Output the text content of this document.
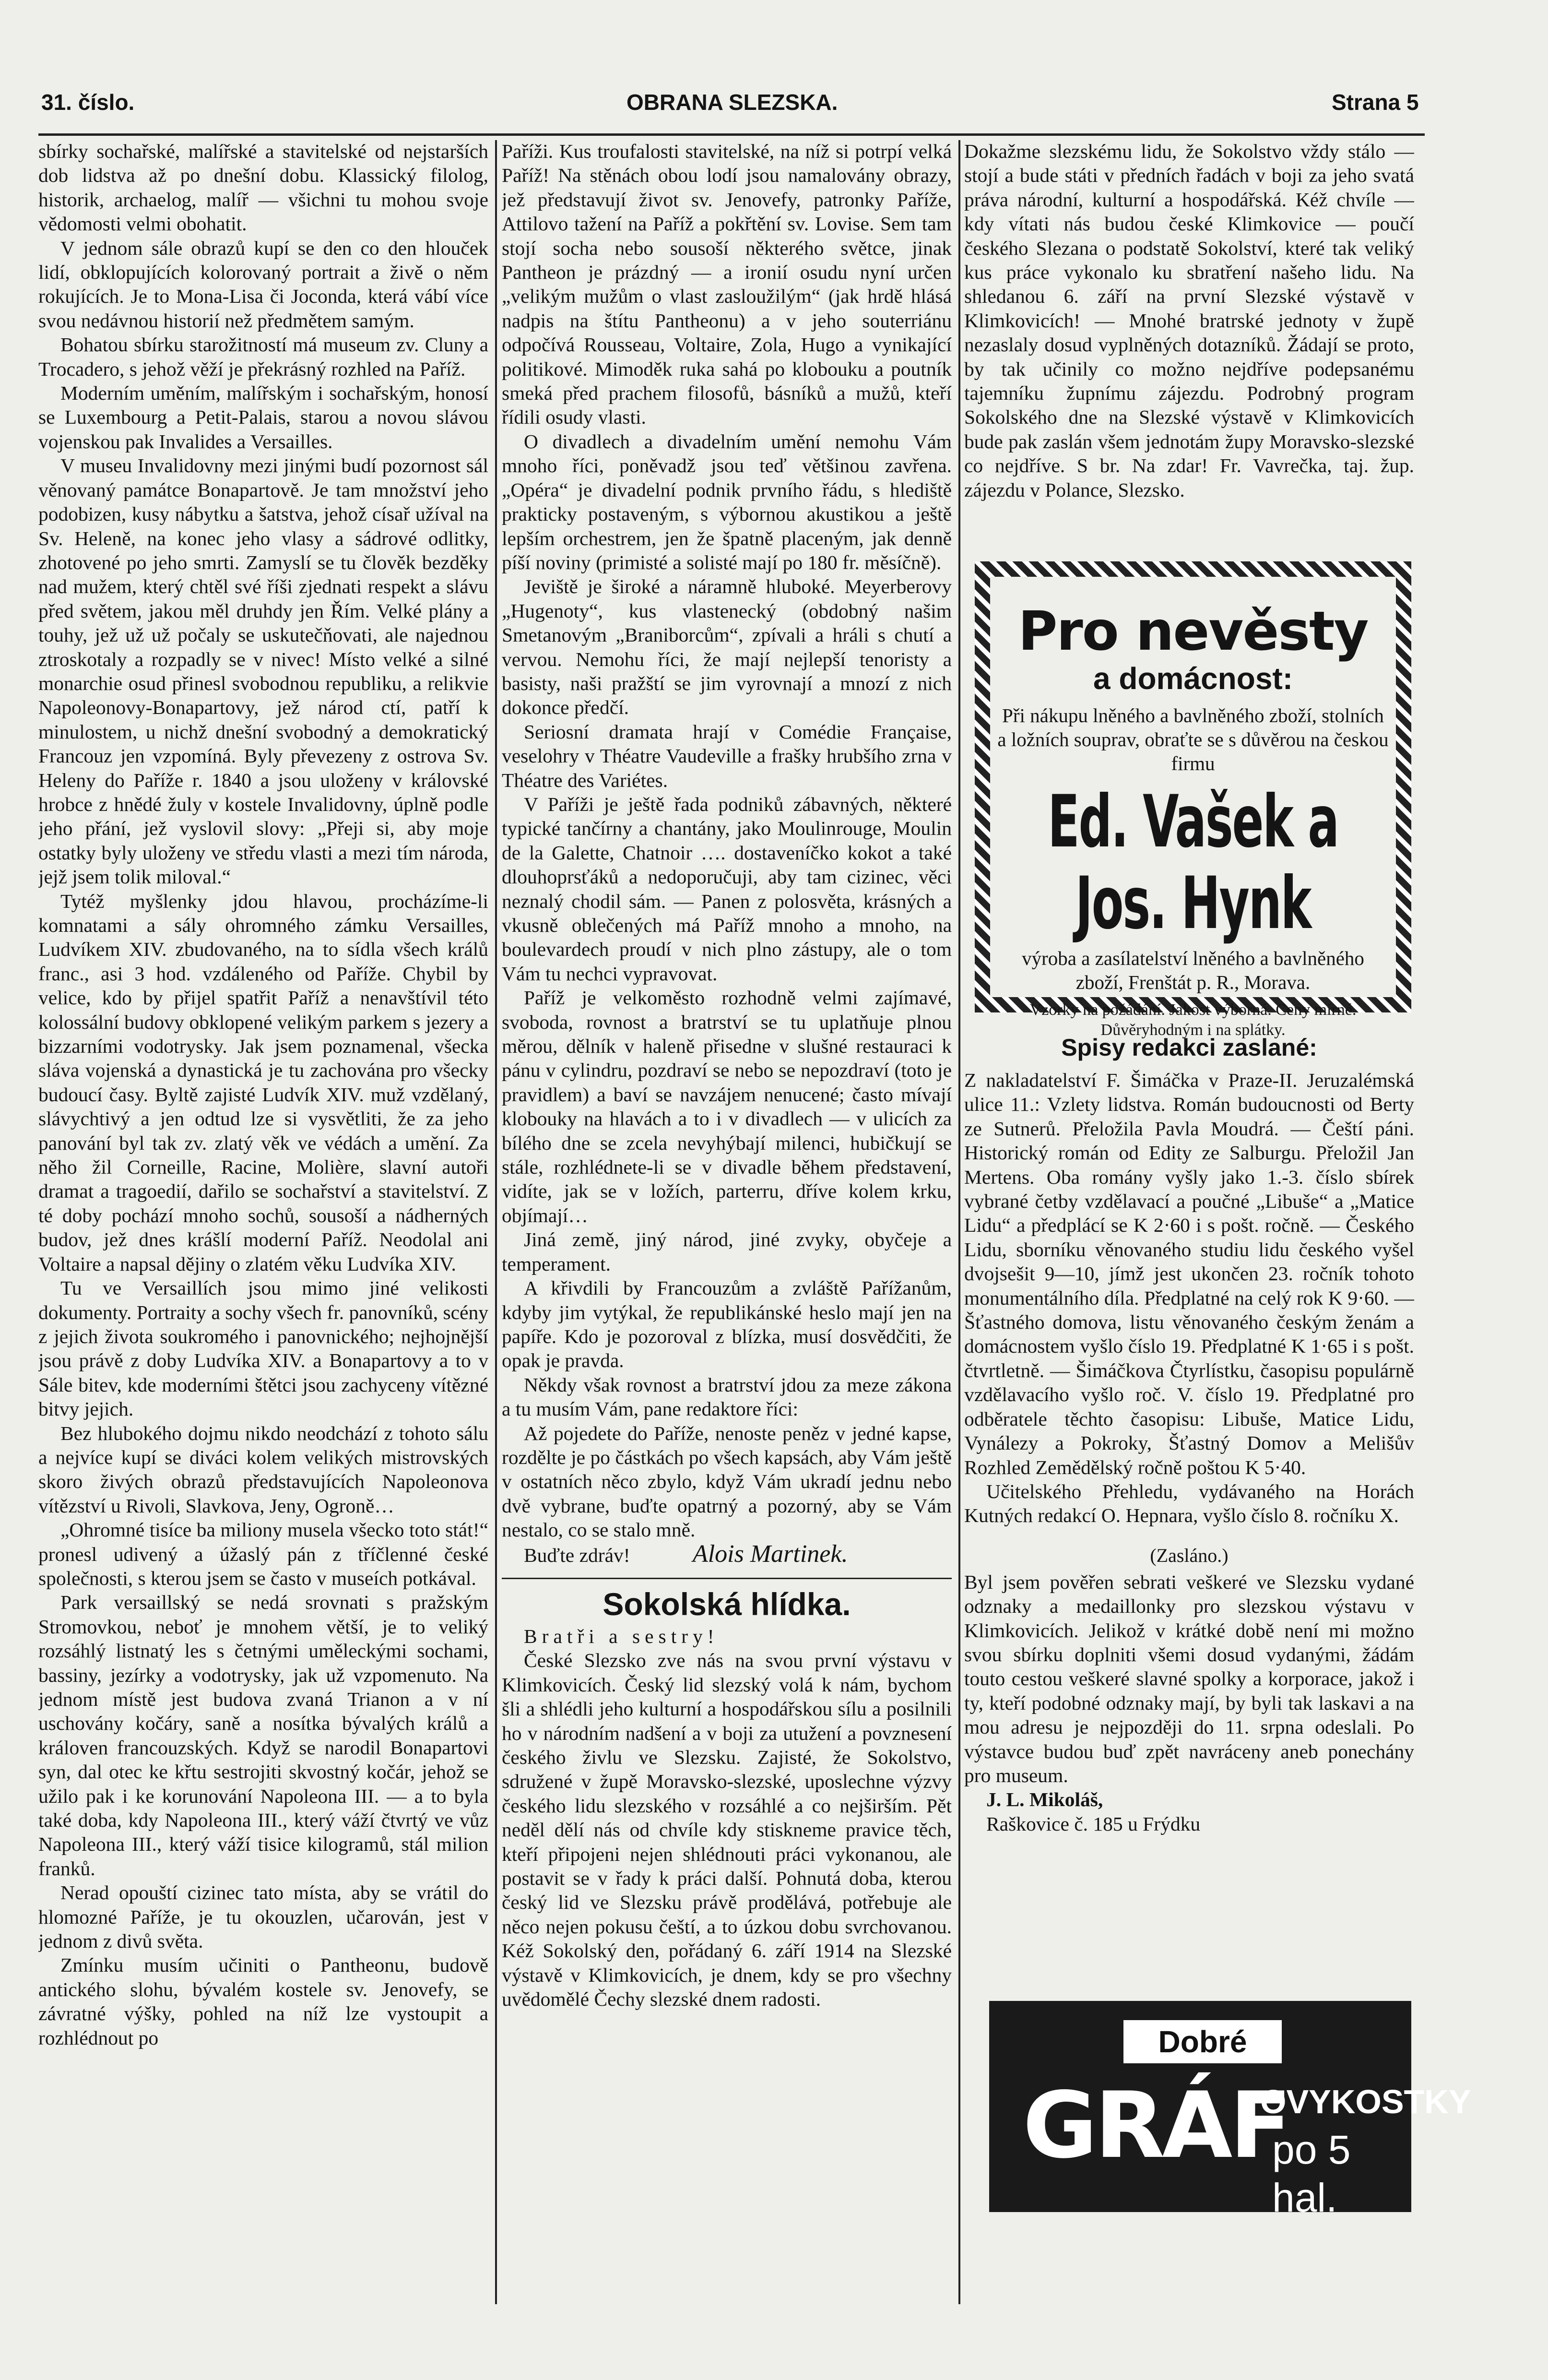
31. číslo.	OBRANA SLEZSKA.	Strana 5

sbírky sochařské, malířské a stavitelské od nejstarších dob lidstva až po dnešní dobu. Klassický filolog, historik, archaelog, malíř — všichni tu mohou svoje vědomosti velmi obohatit.

V jednom sále obrazů kupí se den co den hlouček lidí, obklopujících kolorovaný portrait a živě o něm rokujících. Je to Mona-Lisa či Joconda, která vábí více svou nedávnou historií než předmětem samým.

Bohatou sbírku starožitností má museum zv. Cluny a Trocadero, s jehož věží je překrásný rozhled na Paříž.

Moderním uměním, malířským i sochařským, honosí se Luxembourg a Petit-Palais, starou a novou slávou vojenskou pak Invalides a Versailles.

V museu Invalidovny mezi jinými budí pozornost sál věnovaný památce Bonapartově. Je tam množství jeho podobizen, kusy nábytku a šatstva, jehož císař užíval na Sv. Heleně, na konec jeho vlasy a sádrové odlitky, zhotovené po jeho smrti. Zamyslí se tu člověk bezděky nad mužem, který chtěl své říši zjednati respekt a slávu před světem, jakou měl druhdy jen Řím. Velké plány a touhy, jež už už počaly se uskutečňovati, ale najednou ztroskotaly a rozpadly se v nivec! Místo velké a silné monarchie osud přinesl svobodnou republiku, a relikvie Napoleonovy-Bonapartovy, jež národ ctí, patří k minulostem, u nichž dnešní svobodný a demokratický Francouz jen vzpomíná. Byly převezeny z ostrova Sv. Heleny do Paříže r. 1840 a jsou uloženy v královské hrobce z hnědé žuly v kostele Invalidovny, úplně podle jeho přání, jež vyslovil slovy: „Přeji si, aby moje ostatky byly uloženy ve středu vlasti a mezi tím národa, jejž jsem tolik miloval.“

Tytéž myšlenky jdou hlavou, procházíme-li komnatami a sály ohromného zámku Versailles, Ludvíkem XIV. zbudovaného, na to sídla všech králů franc., asi 3 hod. vzdáleného od Paříže. Chybil by velice, kdo by přijel spatřit Paříž a nenavštívil této kolossální budovy obklopené velikým parkem s jezery a bizzarními vodotrysky. Jak jsem poznamenal, všecka sláva vojenská a dynastická je tu zachována pro všecky budoucí časy. Byltě zajisté Ludvík XIV. muž vzdělaný, slávychtivý a jen odtud lze si vysvětliti, že za jeho panování byl tak zv. zlatý věk ve védách a umění. Za něho žil Corneille, Racine, Molière, slavní autoři dramat a tragoedií, dařilo se sochařství a stavitelství. Z té doby pochází mnoho sochů, sousoší a nádherných budov, jež dnes krášlí moderní Paříž. Neodolal ani Voltaire a napsal dějiny o zlatém věku Ludvíka XIV.

Tu ve Versaillích jsou mimo jiné velikosti dokumenty. Portraity a sochy všech fr. panovníků, scény z jejich života soukromého i panovnického; nejhojnější jsou právě z doby Ludvíka XIV. a Bonapartovy a to v Sále bitev, kde moderními štětci jsou zachyceny vítězné bitvy jejich.

Bez hlubokého dojmu nikdo neodchází z tohoto sálu a nejvíce kupí se diváci kolem velikých mistrovských skoro živých obrazů představujících Napoleonova vítězství u Rivoli, Slavkova, Jeny, Ogroně…

„Ohromné tisíce ba miliony musela všecko toto stát!“ pronesl udivený a úžaslý pán z tříčlenné české společnosti, s kterou jsem se často v museích potkával.

Park versaillský se nedá srovnati s pražským Stromovkou, neboť je mnohem větší, je to veliký rozsáhlý listnatý les s četnými uměleckými sochami, bassiny, jezírky a vodotrysky, jak už vzpomenuto. Na jednom místě jest budova zvaná Trianon a v ní uschovány kočáry, saně a nosítka bývalých králů a královen francouzských. Když se narodil Bonapartovi syn, dal otec ke křtu sestrojiti skvostný kočár, jehož se užilo pak i ke korunování Napoleona III. — a to byla také doba, kdy Napoleona III., který váží čtvrtý ve vůz Napoleona III., který váží tisice kilogramů, stál milion franků.

Nerad opouští cizinec tato místa, aby se vrátil do hlomozné Paříže, je tu okouzlen, učarován, jest v jednom z divů světa.

Zmínku musím učiniti o Pantheonu, budově antického slohu, bývalém kostele sv. Jenovefy, se závratné výšky, pohled na níž lze vystoupit a rozhlédnout po

Paříži. Kus troufalosti stavitelské, na níž si potrpí velká Paříž! Na stěnách obou lodí jsou namalovány obrazy, jež představují život sv. Jenovefy, patronky Paříže, Attilovo tažení na Paříž a pokřtění sv. Lovise. Sem tam stojí socha nebo sousoší některého světce, jinak Pantheon je prázdný — a ironií osudu nyní určen „velikým mužům o vlast zasloužilým“ (jak hrdě hlásá nadpis na štítu Pantheonu) a v jeho souterriánu odpočívá Rousseau, Voltaire, Zola, Hugo a vynikající politikové. Mimoděk ruka sahá po klobouku a poutník smeká před prachem filosofů, básníků a mužů, kteří řídili osudy vlasti.

O divadlech a divadelním umění nemohu Vám mnoho říci, poněvadž jsou teď většinou zavřena. „Opéra“ je divadelní podnik prvního řádu, s hlediště prakticky postaveným, s výbornou akustikou a ještě lepším orchestrem, jen že špatně placeným, jak denně píší noviny (primisté a solisté mají po 180 fr. měsíčně).

Jeviště je široké a náramně hluboké. Meyerberovy „Hugenoty“, kus vlastenecký (obdobný našim Smetanovým „Braniborcům“, zpívali a hráli s chutí a vervou. Nemohu říci, že mají nejlepší tenoristy a basisty, naši pražští se jim vyrovnají a mnozí z nich dokonce předčí.

Seriosní dramata hrají v Comédie Française, veselohry v Théatre Vaudeville a frašky hrubšího zrna v Théatre des Variétes.

V Paříži je ještě řada podniků zábavných, některé typické tančírny a chantány, jako Moulinrouge, Moulin de la Galette, Chatnoir …. dostaveníčko kokot a také dlouhoprsťáků a nedoporučuji, aby tam cizinec, věci neznalý chodil sám. — Panen z polosvěta, krásných a vkusně oblečených má Paříž mnoho a mnoho, na boulevardech proudí v nich plno zástupy, ale o tom Vám tu nechci vypravovat.

Paříž je velkoměsto rozhodně velmi zajímavé, svoboda, rovnost a bratrství se tu uplatňuje plnou měrou, dělník v haleně přisedne v slušné restauraci k pánu v cylindru, pozdraví se nebo se nepozdraví (toto je pravidlem) a baví se navzájem nenucené; často mívají klobouky na hlavách a to i v divadlech — v ulicích za bílého dne se zcela nevyhýbají milenci, hubičkují se stále, rozhlédnete-li se v divadle během představení, vidíte, jak se v ložích, parterru, dříve kolem krku, objímají…

Jiná země, jiný národ, jiné zvyky, obyčeje a temperament.

A křivdili by Francouzům a zvláště Pařížanům, kdyby jim vytýkal, že republikánské heslo mají jen na papíře. Kdo je pozoroval z blízka, musí dosvědčiti, že opak je pravda.

Někdy však rovnost a bratrství jdou za meze zákona a tu musím Vám, pane redaktore říci:

Až pojedete do Paříže, nenoste peněz v jedné kapse, rozdělte je po částkách po všech kapsách, aby Vám ještě v ostatních něco zbylo, když Vám ukradí jednu nebo dvě vybrane, buďte opatrný a pozorný, aby se Vám nestalo, co se stalo mně.

Buďte zdráv!	Alois Martinek.

Sokolská hlídka.

Bratři a sestry!

České Slezsko zve nás na svou první výstavu v Klimkovicích. Český lid slezský volá k nám, bychom šli a shlédli jeho kulturní a hospodářskou sílu a posilnili ho v národním nadšení a v boji za utužení a povznesení českého živlu ve Slezsku. Zajisté, že Sokolstvo, sdružené v župě Moravsko-slezské, uposlechne výzvy českého lidu slezského v rozsáhlé a co nejširším. Pět neděl dělí nás od chvíle kdy stiskneme pravice těch, kteří připojeni nejen shlédnouti práci vykonanou, ale postavit se v řady k práci další. Pohnutá doba, kterou český lid ve Slezsku právě prodělává, potřebuje ale něco nejen pokusu čeští, a to úzkou dobu svrchovanou. Kéž Sokolský den, pořádaný 6. září 1914 na Slezské výstavě v Klimkovicích, je dnem, kdy se pro všechny uvědomělé Čechy slezské dnem radosti.

Dokažme slezskému lidu, že Sokolstvo vždy stálo — stojí a bude státi v předních řadách v boji za jeho svatá práva národní, kulturní a hospodářská. Kéž chvíle — kdy vítati nás budou české Klimkovice — poučí českého Slezana o podstatě Sokolství, které tak veliký kus práce vykonalo ku sbratření našeho lidu. Na shledanou 6. září na první Slezské výstavě v Klimkovicích! — Mnohé bratrské jednoty v župě nezaslaly dosud vyplněných dotazníků. Žádají se proto, by tak učinily co možno nejdříve podepsanému tajemníku župnímu zájezdu. Podrobný program Sokolského dne na Slezské výstavě v Klimkovicích bude pak zaslán všem jednotám župy Moravsko-slezské co nejdříve. S br. Na zdar! Fr. Vavrečka, taj. žup. zájezdu v Polance, Slezsko.

Pro nevěsty
a domácnost:
Při nákupu lněného a bavlněného zboží, stolních a ložních souprav, obraťte se s důvěrou na českou firmu
Ed. Vašek a Jos. Hynk
výroba a zasílatelství lněného a bavlněného zboží, Frenštát p. R., Morava.
Vzorky na požádání. Jakost výborná. Ceny mírné. Důvěryhodným i na splátky.
Spisy redakci zaslané:

Z nakladatelství F. Šimáčka v Praze-II. Jeruzalémská ulice 11.: Vzlety lidstva. Román budoucnosti od Berty ze Sutnerů. Přeložila Pavla Moudrá. — Čeští páni. Historický román od Edity ze Salburgu. Přeložil Jan Mertens. Oba romány vyšly jako 1.-3. číslo sbírek vybrané četby vzdělavací a poučné „Libuše“ a „Matice Lidu“ a předplácí se K 2·60 i s pošt. ročně. — Českého Lidu, sborníku věnovaného studiu lidu českého vyšel dvojsešit 9—10, jímž jest ukončen 23. ročník tohoto monumentálního díla. Předplatné na celý rok K 9·60. — Šťastného domova, listu věnovaného českým ženám a domácnostem vyšlo číslo 19. Předplatné K 1·65 i s pošt. čtvrtletně. — Šimáčkova Čtyrlístku, časopisu populárně vzdělavacího vyšlo roč. V. číslo 19. Předplatné pro odběratele těchto časopisu: Libuše, Matice Lidu, Vynálezy a Pokroky, Šťastný Domov a Melišův Rozhled Zemědělský ročně poštou K 5·40.

Učitelského Přehledu, vydávaného na Horách Kutných redakcí O. Hepnara, vyšlo číslo 8. ročníku X.

(Zasláno.)

Byl jsem pověřen sebrati veškeré ve Slezsku vydané odznaky a medaillonky pro slezskou výstavu v Klimkovicích. Jelikož v krátké době není mi možno svou sbírku doplniti všemi dosud vydanými, žádám touto cestou veškeré slavné spolky a korporace, jakož i ty, kteří podobné odznaky mají, by byli tak laskavi a na mou adresu je nejpozději do 11. srpna odeslali. Po výstavce budou buď zpět navráceny aneb ponechány pro museum.

J. L. Mikoláš,

Raškovice č. 185 u Frýdku

Dobré
GRÁF
OVYKOSTKY
po 5 hal.
